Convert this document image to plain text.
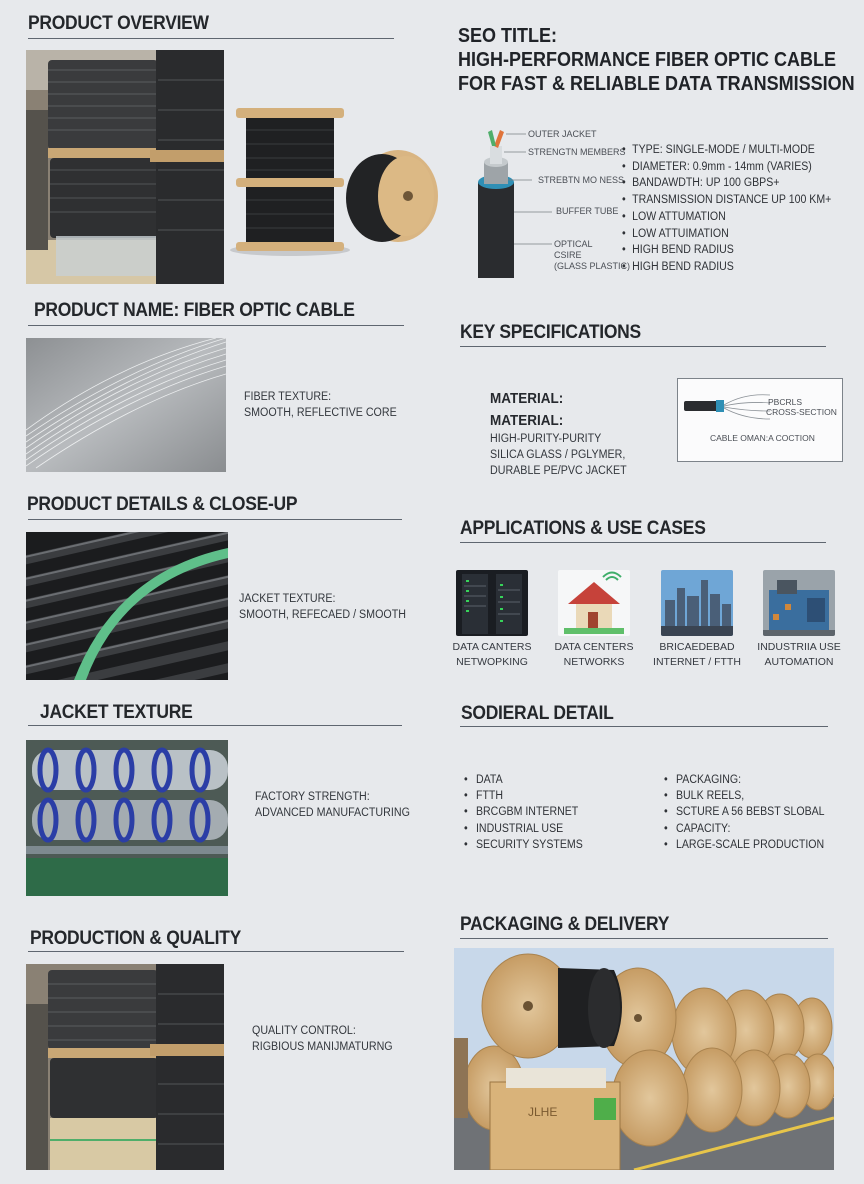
PRODUCT OVERVIEW
PRODUCT NAME: FIBER OPTIC CABLE
FIBER TEXTURE:
SMOOTH, REFLECTIVE CORE
PRODUCT DETAILS & CLOSE-UP
JACKET TEXTURE:
SMOOTH, REFECAED / SMOOTH
JACKET TEXTURE
FACTORY STRENGTH:
ADVANCED MANUFACTURING
PRODUCTION & QUALITY
QUALITY CONTROL:
RIGBIOUS MANIJMATURNG
SEO TITLE:
HIGH-PERFORMANCE FIBER OPTIC CABLE
FOR FAST & RELIABLE DATA TRANSMISSION
OUTER JACKET
STRENGTN MEMBERS
STREBTN MO NESS
BUFFER TUBE
OPTICAL
CSIRE
(GLASS PLASTIC)
• TYPE: SINGLE-MODE / MULTI-MODE
• DIAMETER: 0.9mm - 14mm (VARIES)
• BANDAWDTH: UP 100 GBPS+
• TRANSMISSION DISTANCE UP 100 KM+
• LOW ATTUMATION
• LOW ATTUIMATION
• HIGH BEND RADIUS
• HIGH BEND RADIUS
KEY SPECIFICATIONS
MATERIAL:
MATERIAL:
HIGH-PURITY-PURITY
SILICA GLASS / PGLYMER,
DURABLE PE/PVC JACKET
PBCRLS
CROSS-SECTION
CABLE OMAN:A COCTION
APPLICATIONS & USE CASES
DATA CANTERS
NETWOPKING
DATA CENTERS
NETWORKS
BRICAEDEBAD
INTERNET / FTTH
INDUSTRIIA USE
AUTOMATION
SODIERAL DETAIL
• DATA
• FTTH
• BRCGBM INTERNET
• INDUSTRIAL USE
• SECURITY SYSTEMS
• PACKAGING:
• BULK REELS,
• SCTURE A 56 BEBST SLOBAL
• CAPACITY:
• LARGE-SCALE PRODUCTION
PACKAGING & DELIVERY
JLHE
